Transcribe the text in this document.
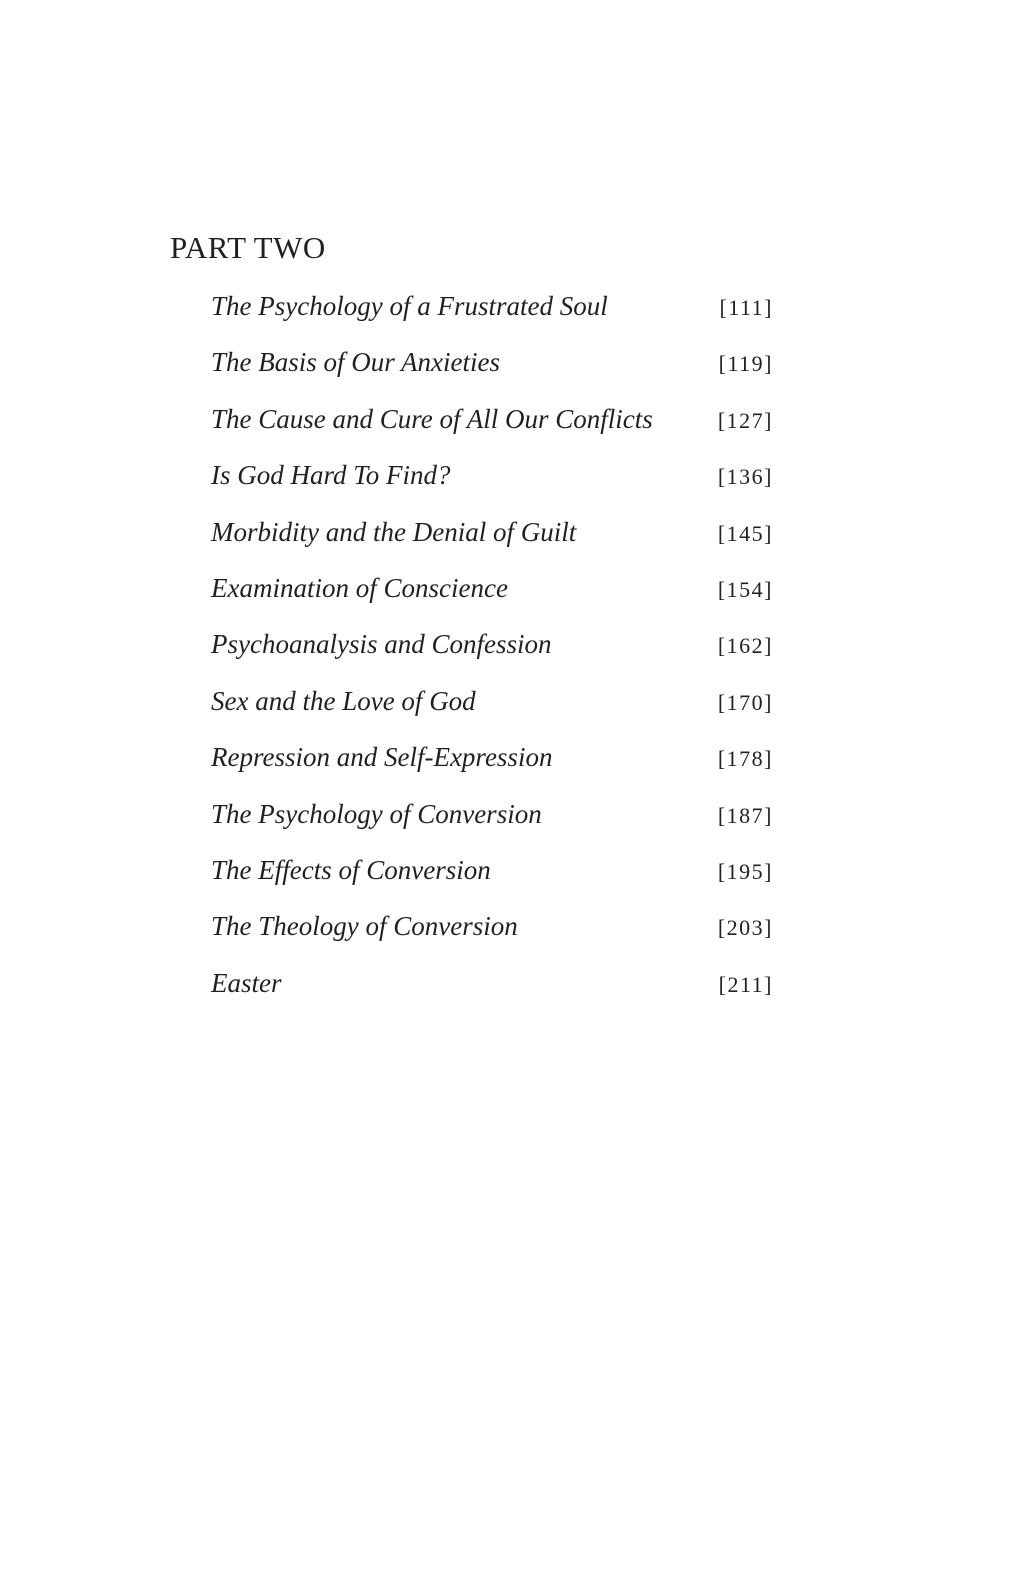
PART TWO
The Psychology of a Frustrated Soul	[111]
The Basis of Our Anxieties	[119]
The Cause and Cure of All Our Conflicts	[127]
Is God Hard To Find?	[136]
Morbidity and the Denial of Guilt	[145]
Examination of Conscience	[154]
Psychoanalysis and Confession	[162]
Sex and the Love of God	[170]
Repression and Self-Expression	[178]
The Psychology of Conversion	[187]
The Effects of Conversion	[195]
The Theology of Conversion	[203]
Easter	[211]
